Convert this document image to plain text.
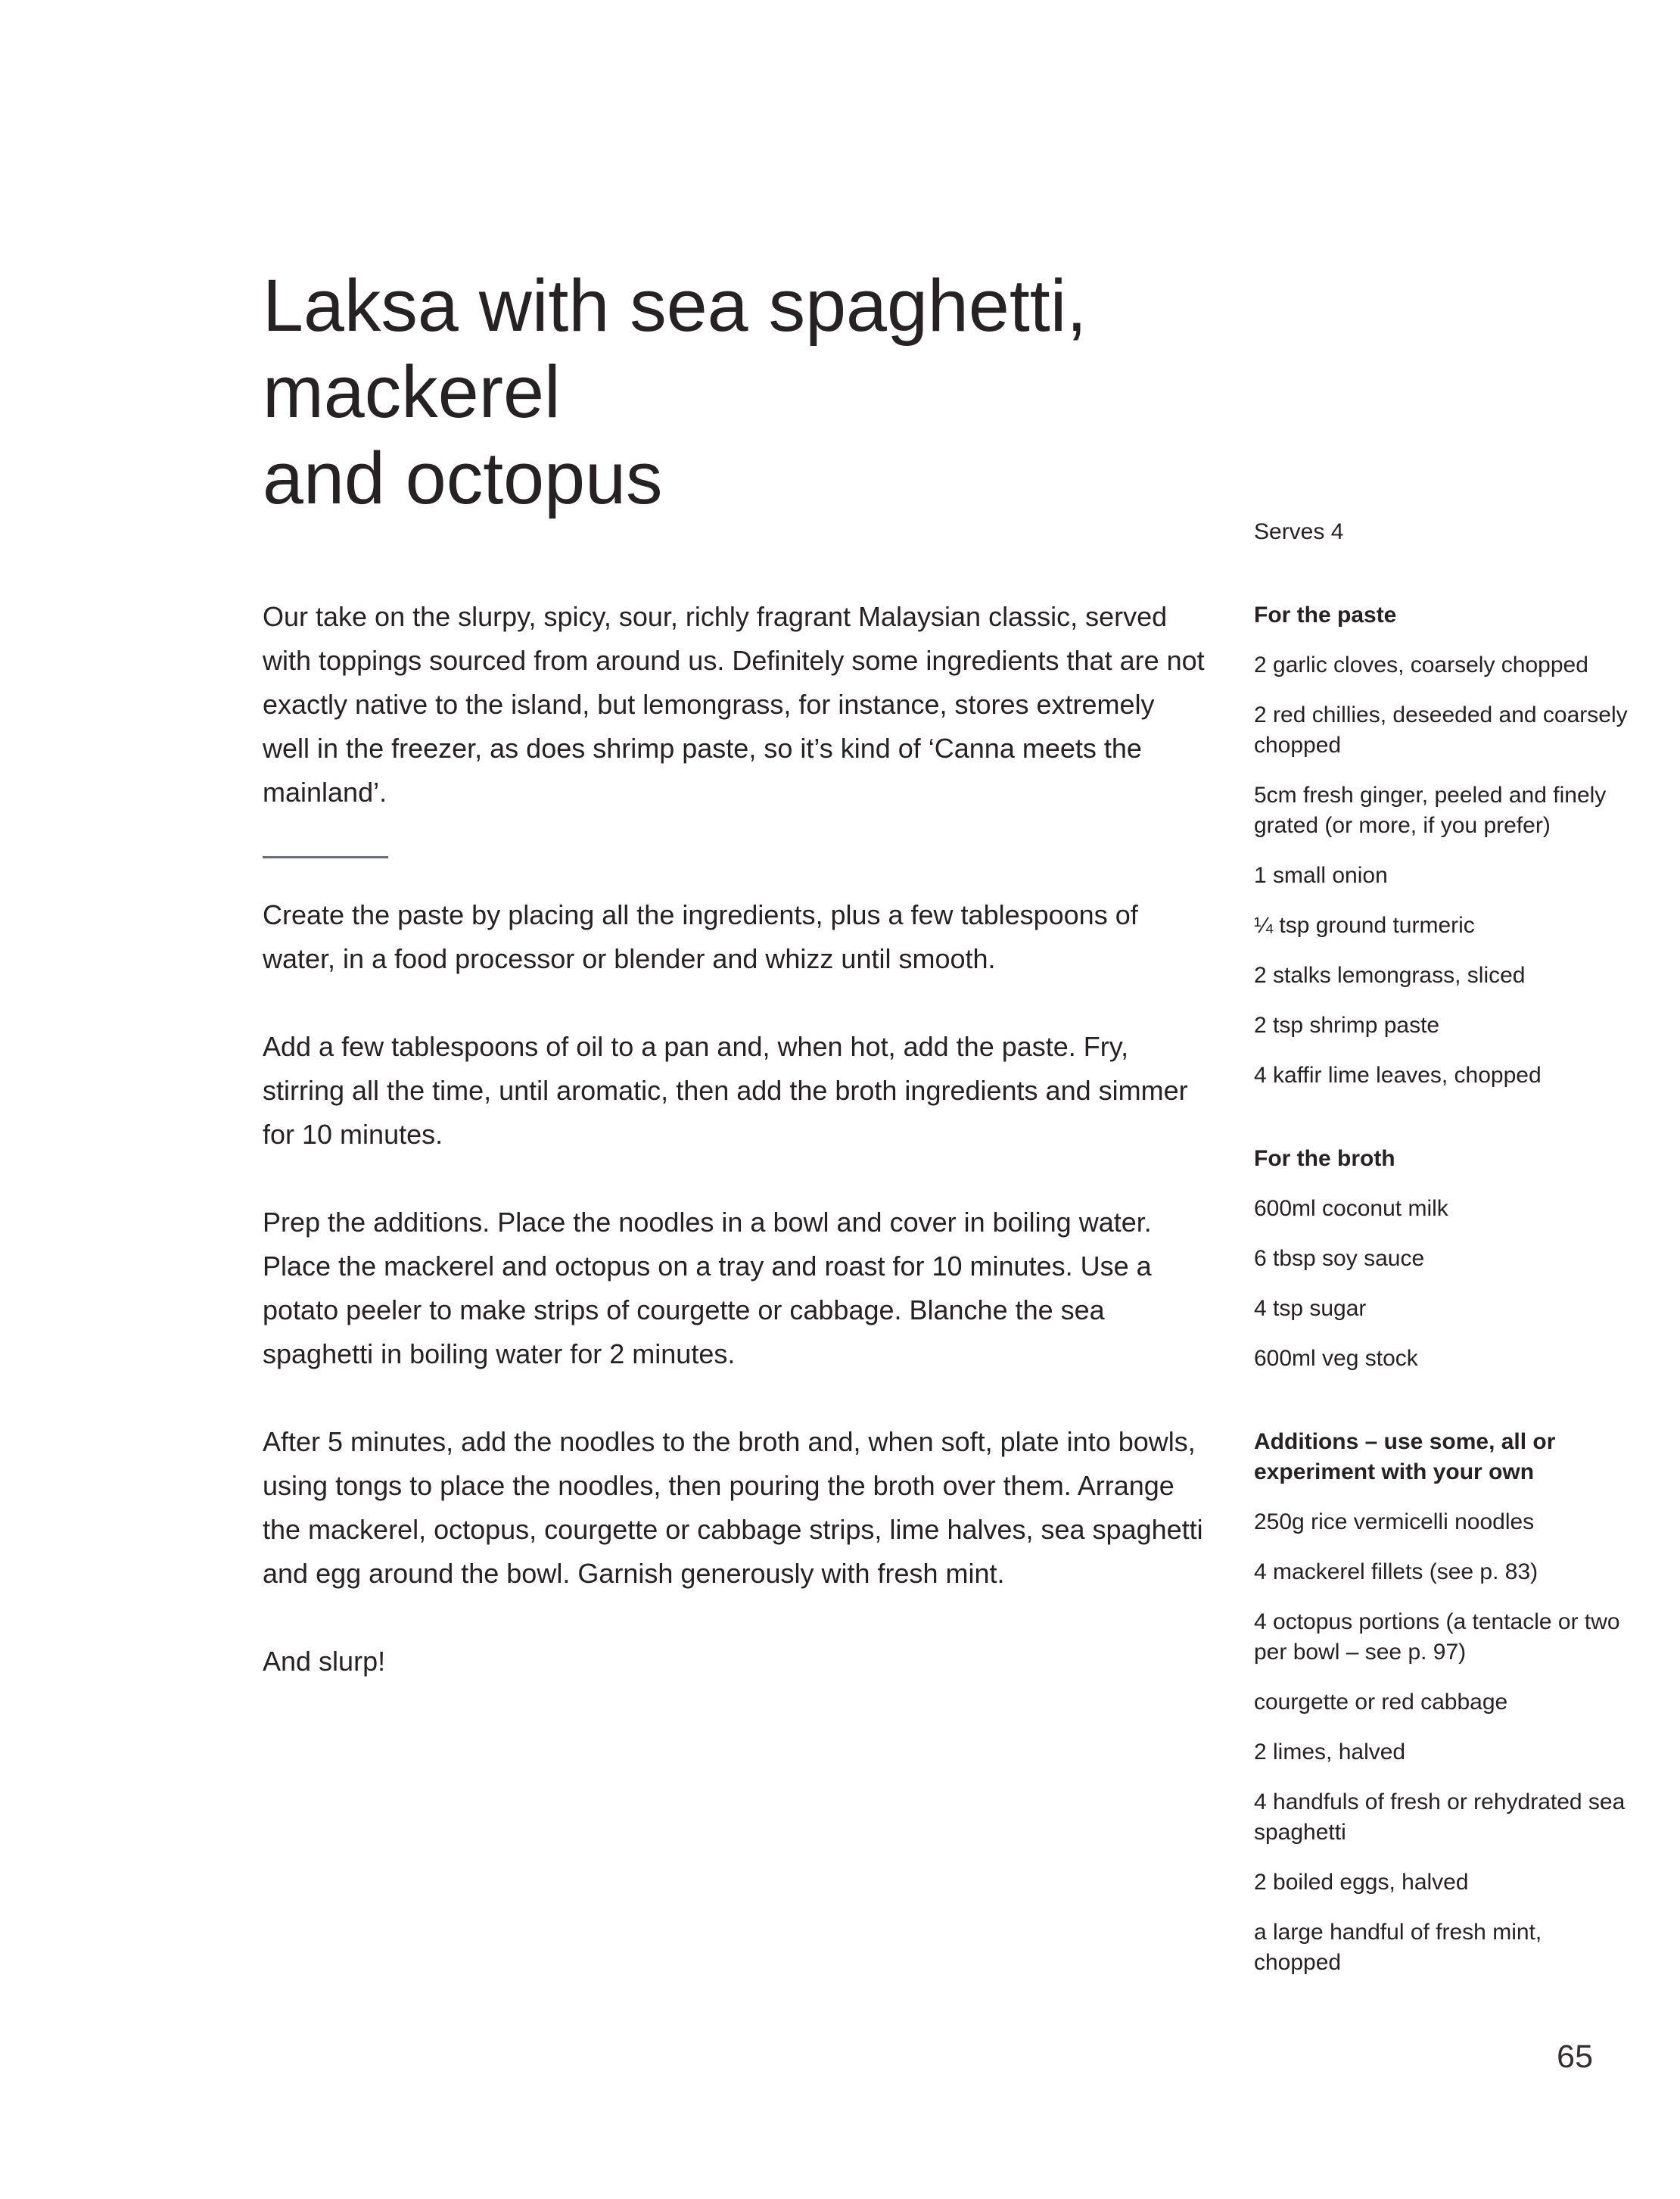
Laksa with sea spaghetti, mackerel
and octopus

Our take on the slurpy, spicy, sour, richly fragrant Malaysian classic, served with toppings sourced from around us. Definitely some ingredients that are not exactly native to the island, but lemongrass, for instance, stores extremely well in the freezer, as does shrimp paste, so it’s kind of ‘Canna meets the mainland’.

Create the paste by placing all the ingredients, plus a few tablespoons of water, in a food processor or blender and whizz until smooth.

Add a few tablespoons of oil to a pan and, when hot, add the paste. Fry, stirring all the time, until aromatic, then add the broth ingredients and simmer for 10 minutes.

Prep the additions. Place the noodles in a bowl and cover in boiling water. Place the mackerel and octopus on a tray and roast for 10 minutes. Use a potato peeler to make strips of courgette or cabbage. Blanche the sea spaghetti in boiling water for 2 minutes.

After 5 minutes, add the noodles to the broth and, when soft, plate into bowls, using tongs to place the noodles, then pouring the broth over them. Arrange the mackerel, octopus, courgette or cabbage strips, lime halves, sea spaghetti and egg around the bowl. Garnish generously with fresh mint.

And slurp!

Serves 4
For the paste
2 garlic cloves, coarsely chopped
2 red chillies, deseeded and coarsely chopped
5cm fresh ginger, peeled and finely grated (or more, if you prefer)
1 small onion
¼ tsp ground turmeric
2 stalks lemongrass, sliced
2 tsp shrimp paste
4 kaffir lime leaves, chopped
For the broth
600ml coconut milk
6 tbsp soy sauce
4 tsp sugar
600ml veg stock
Additions – use some, all or experiment with your own
250g rice vermicelli noodles
4 mackerel fillets (see p. 83)
4 octopus portions (a tentacle or two per bowl – see p. 97)
courgette or red cabbage
2 limes, halved
4 handfuls of fresh or rehydrated sea spaghetti
2 boiled eggs, halved
a large handful of fresh mint, chopped
65
